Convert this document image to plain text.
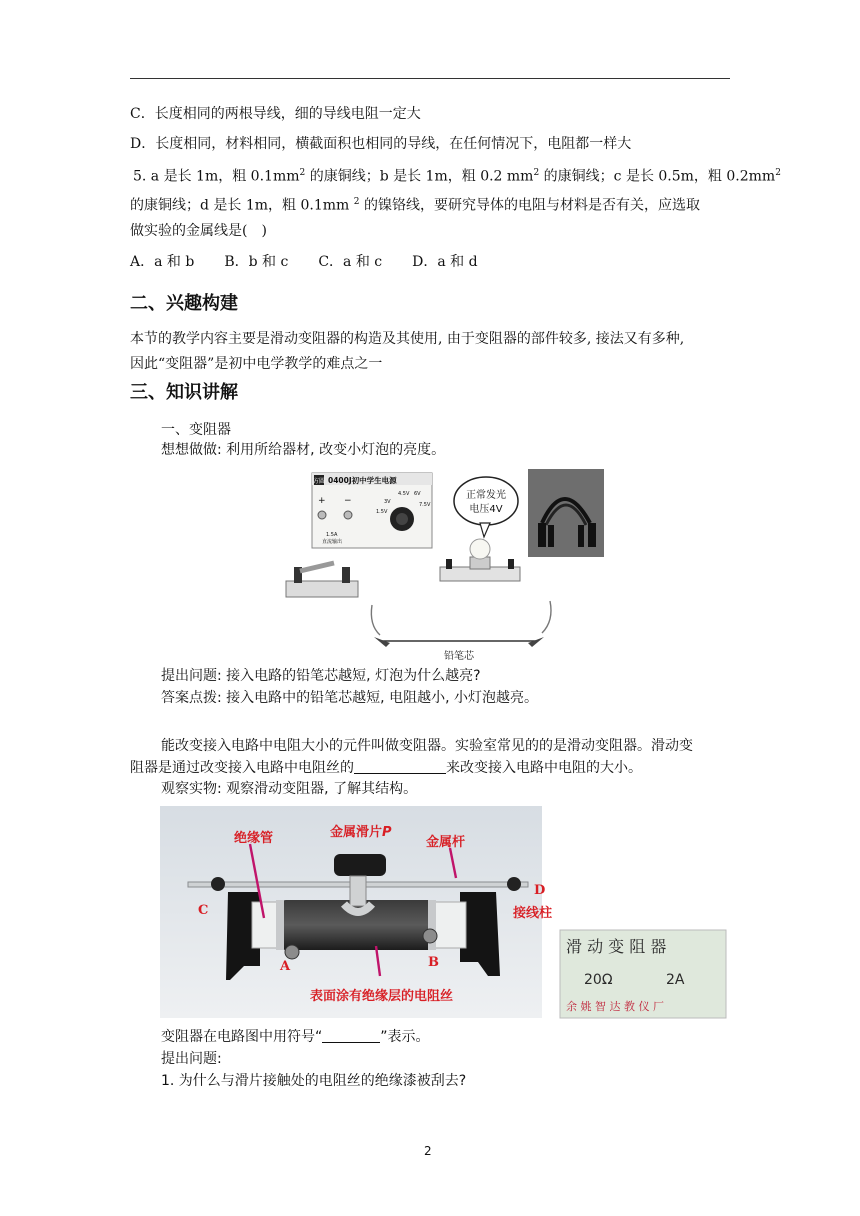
C．长度相同的两根导线，细的导线电阻一定大
D．长度相同，材料相同，横截面积也相同的导线，在任何情况下，电阻都一样大
5. a 是长 1m，粗 $0.1mm^2$ 的康铜线；b 是长 1m，粗 0.2 $mm^2$ 的康铜线；c 是长 0.5m，粗 $0.2mm^2$
的康铜线；d 是长 1m，粗 0.1mm $^2$ 的镍铬线，要研究导体的电阻与材料是否有关，应选取
做实验的金属线是(　)
A．a 和 b B．b 和 c C．a 和 c D．a 和 d
二、兴趣构建
本节的教学内容主要是滑动变阻器的构造及其使用, 由于变阻器的部件较多, 接法又有多种,
因此“变阻器”是初中电学教学的难点之一
三、知识讲解
一、变阻器
想想做做: 利用所给器材, 改变小灯泡的亮度。
方圆 0400J初中学生电源
3V
4.5V 6V
1.5V
7.5V
+ −
1.5A
直流输出
正常发光
电压4V
铅笔芯
提出问题: 接入电路的铅笔芯越短, 灯泡为什么越亮?
答案点拨: 接入电路中的铅笔芯越短, 电阻越小, 小灯泡越亮。
能改变接入电路中电阻大小的元件叫做变阻器。实验室常见的的是滑动变阻器。滑动变
阻器是通过改变接入电路中电阻丝的	来改变接入电路中电阻的大小。
观察实物: 观察滑动变阻器, 了解其结构。
绝缘管	金属滑片P
金属杆
C
D
A	B
表面涂有绝缘层的电阻丝
接线柱
滑 动 变 阻 器
20Ω	2A
余 姚 智 达 教 仪 厂
变阻器在电路图中用符号“	”表示。
提出问题:
1. 为什么与滑片接触处的电阻丝的绝缘漆被刮去?
2
